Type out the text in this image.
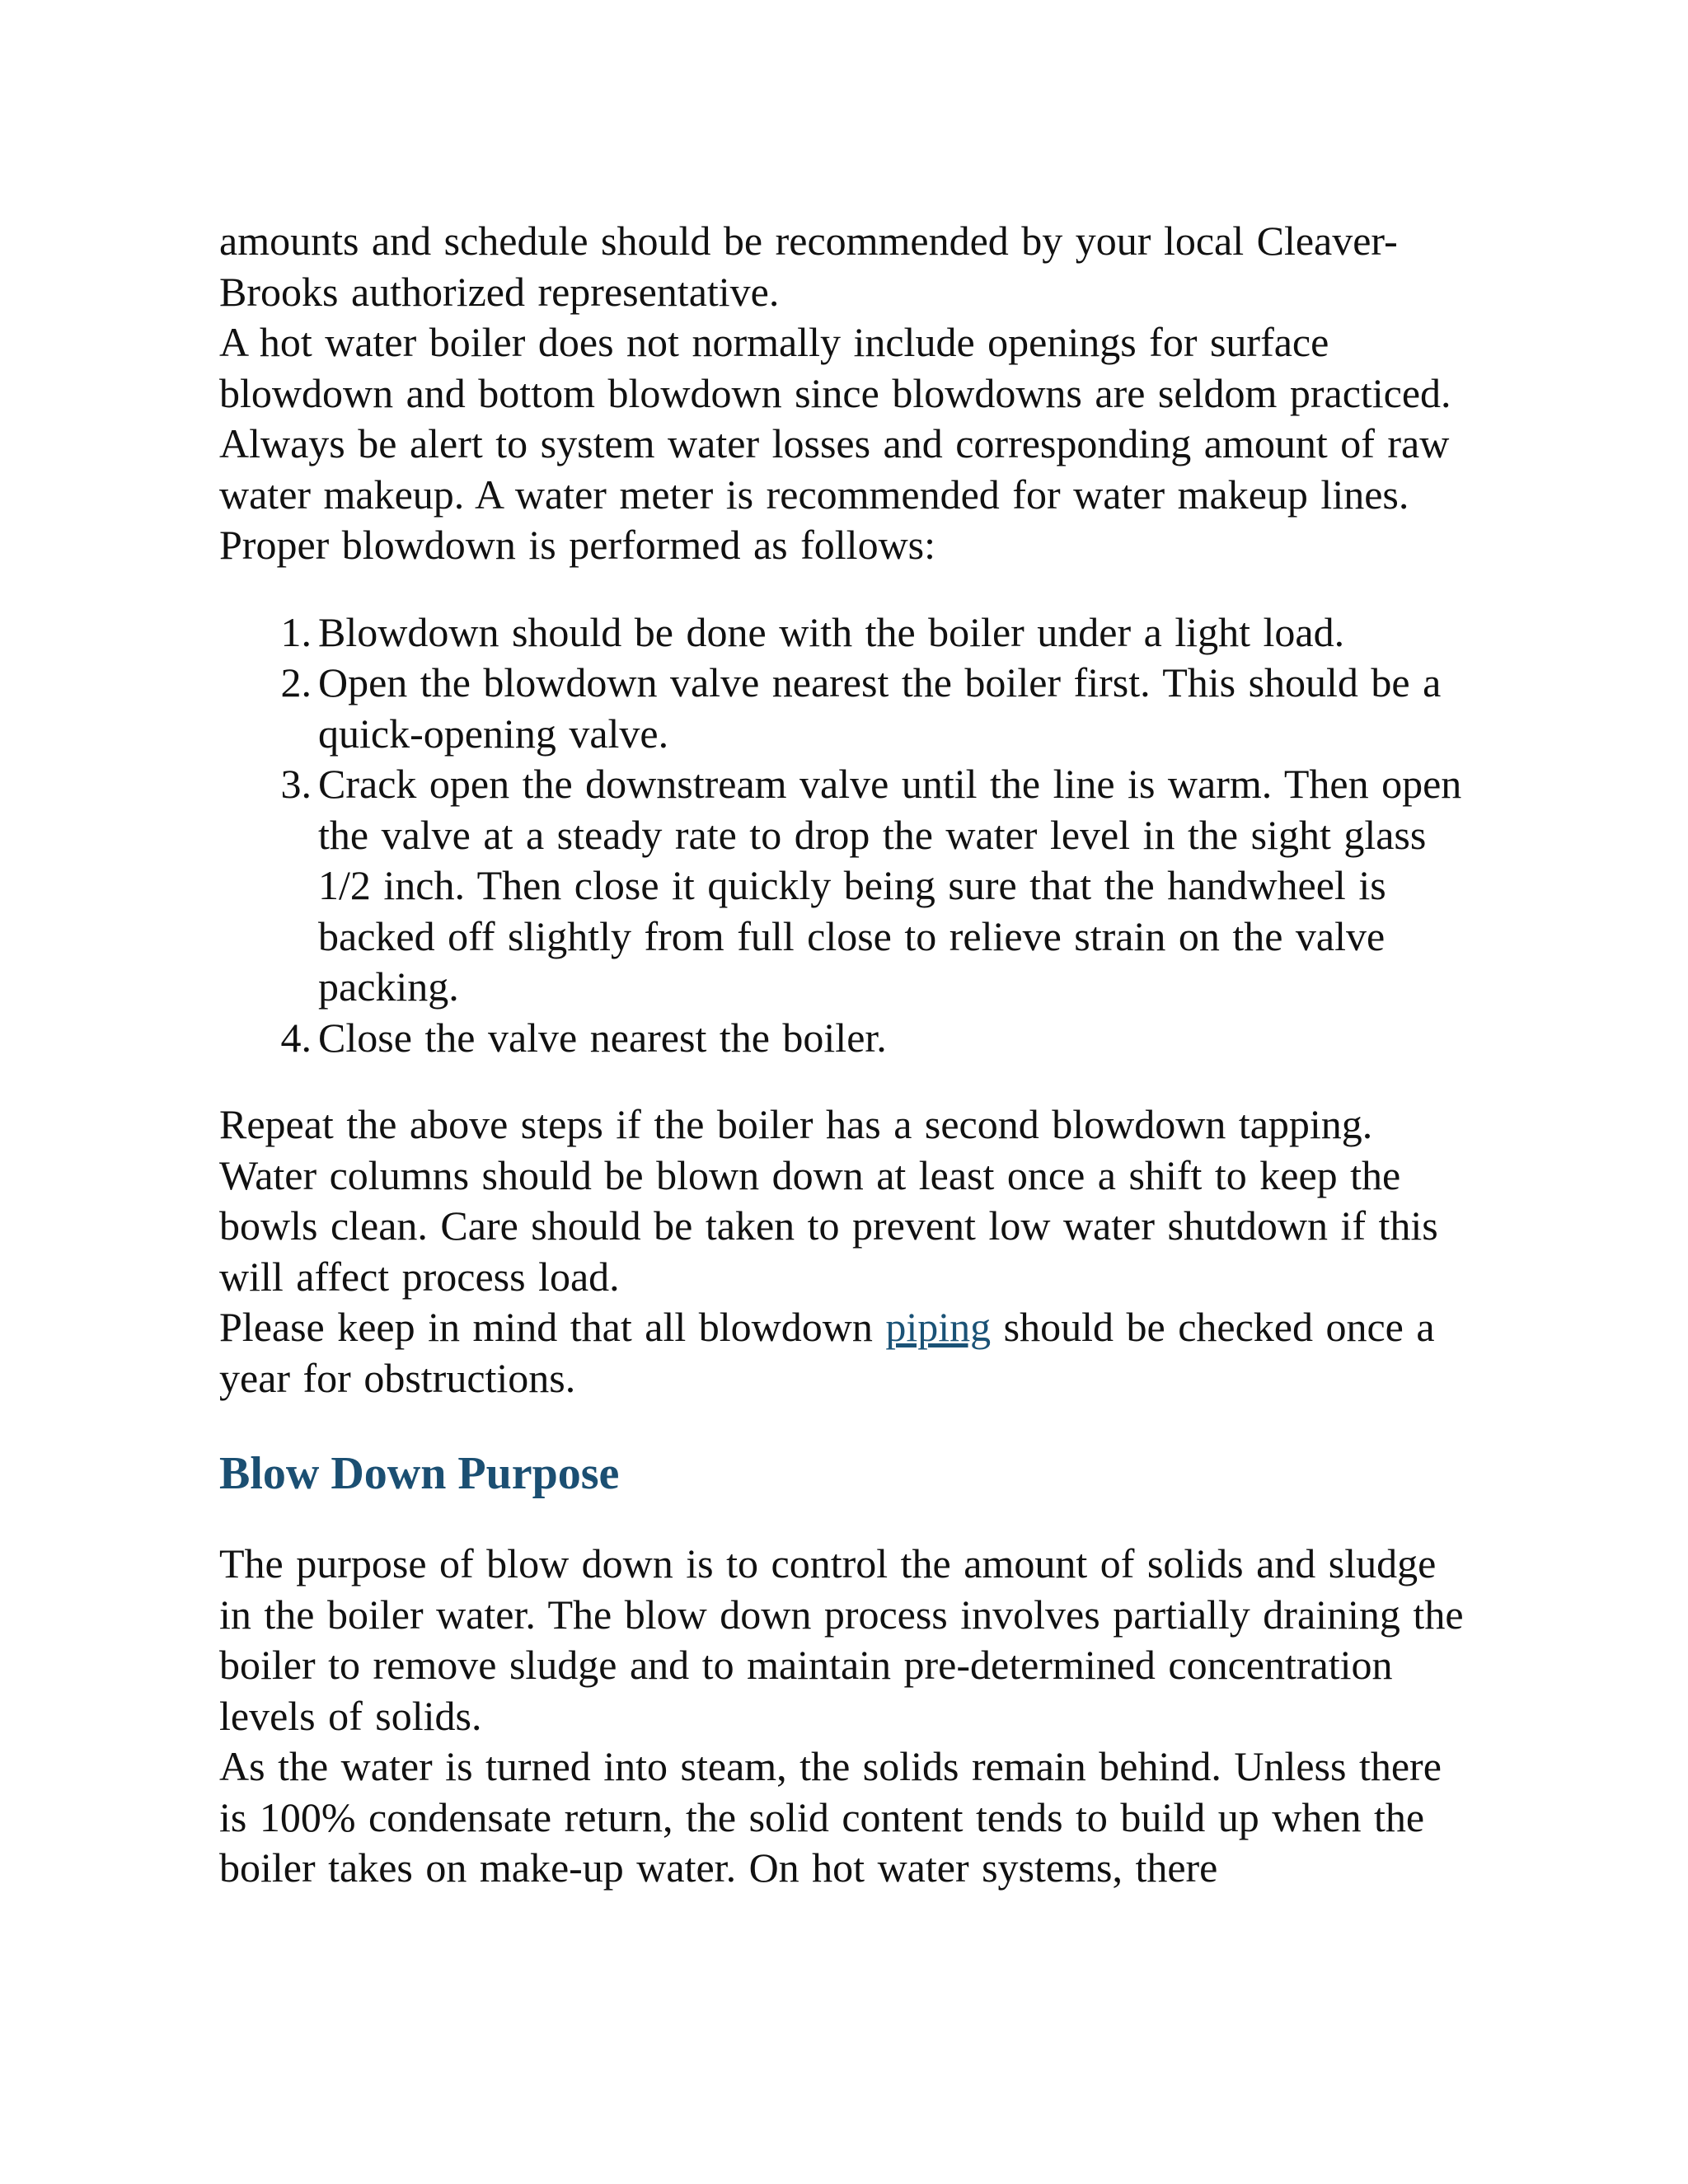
amounts and schedule should be recommended by your local Cleaver-Brooks authorized representative.

A hot water boiler does not normally include openings for surface blowdown and bottom blowdown since blowdowns are seldom practiced. Always be alert to system water losses and corresponding amount of raw water makeup. A water meter is recommended for water makeup lines.

Proper blowdown is performed as follows:

1. Blowdown should be done with the boiler under a light load.
2. Open the blowdown valve nearest the boiler first. This should be a quick-opening valve.
3. Crack open the downstream valve until the line is warm. Then open the valve at a steady rate to drop the water level in the sight glass 1/2 inch. Then close it quickly being sure that the handwheel is backed off slightly from full close to relieve strain on the valve packing.
4. Close the valve nearest the boiler.

Repeat the above steps if the boiler has a second blowdown tapping.

Water columns should be blown down at least once a shift to keep the bowls clean. Care should be taken to prevent low water shutdown if this will affect process load.

Please keep in mind that all blowdown piping should be checked once a year for obstructions.

Blow Down Purpose

The purpose of blow down is to control the amount of solids and sludge in the boiler water. The blow down process involves partially draining the boiler to remove sludge and to maintain pre-determined concentration levels of solids.

As the water is turned into steam, the solids remain behind. Unless there is 100% condensate return, the solid content tends to build up when the boiler takes on make-up water. On hot water systems, there
